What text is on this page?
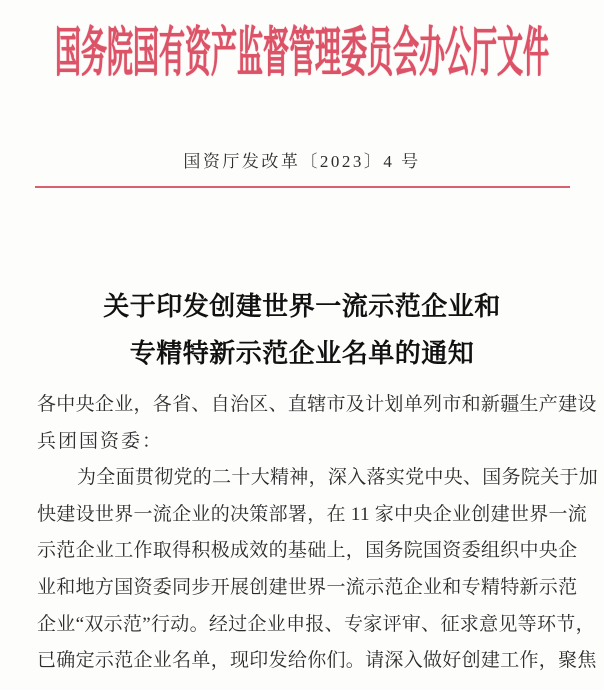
国务院国有资产监督管理委员会办公厅文件
国资厅发改革〔2023〕4 号
关于印发创建世界一流示范企业和
专精特新示范企业名单的通知
各中央企业，各省、自治区、直辖市及计划单列市和新疆生产建设
兵团国资委：
为全面贯彻党的二十大精神，深入落实党中央、国务院关于加
快建设世界一流企业的决策部署，在 11 家中央企业创建世界一流
示范企业工作取得积极成效的基础上，国务院国资委组织中央企
业和地方国资委同步开展创建世界一流示范企业和专精特新示范
企业“双示范”行动。经过企业申报、专家评审、征求意见等环节，
已确定示范企业名单，现印发给你们。请深入做好创建工作，聚焦
